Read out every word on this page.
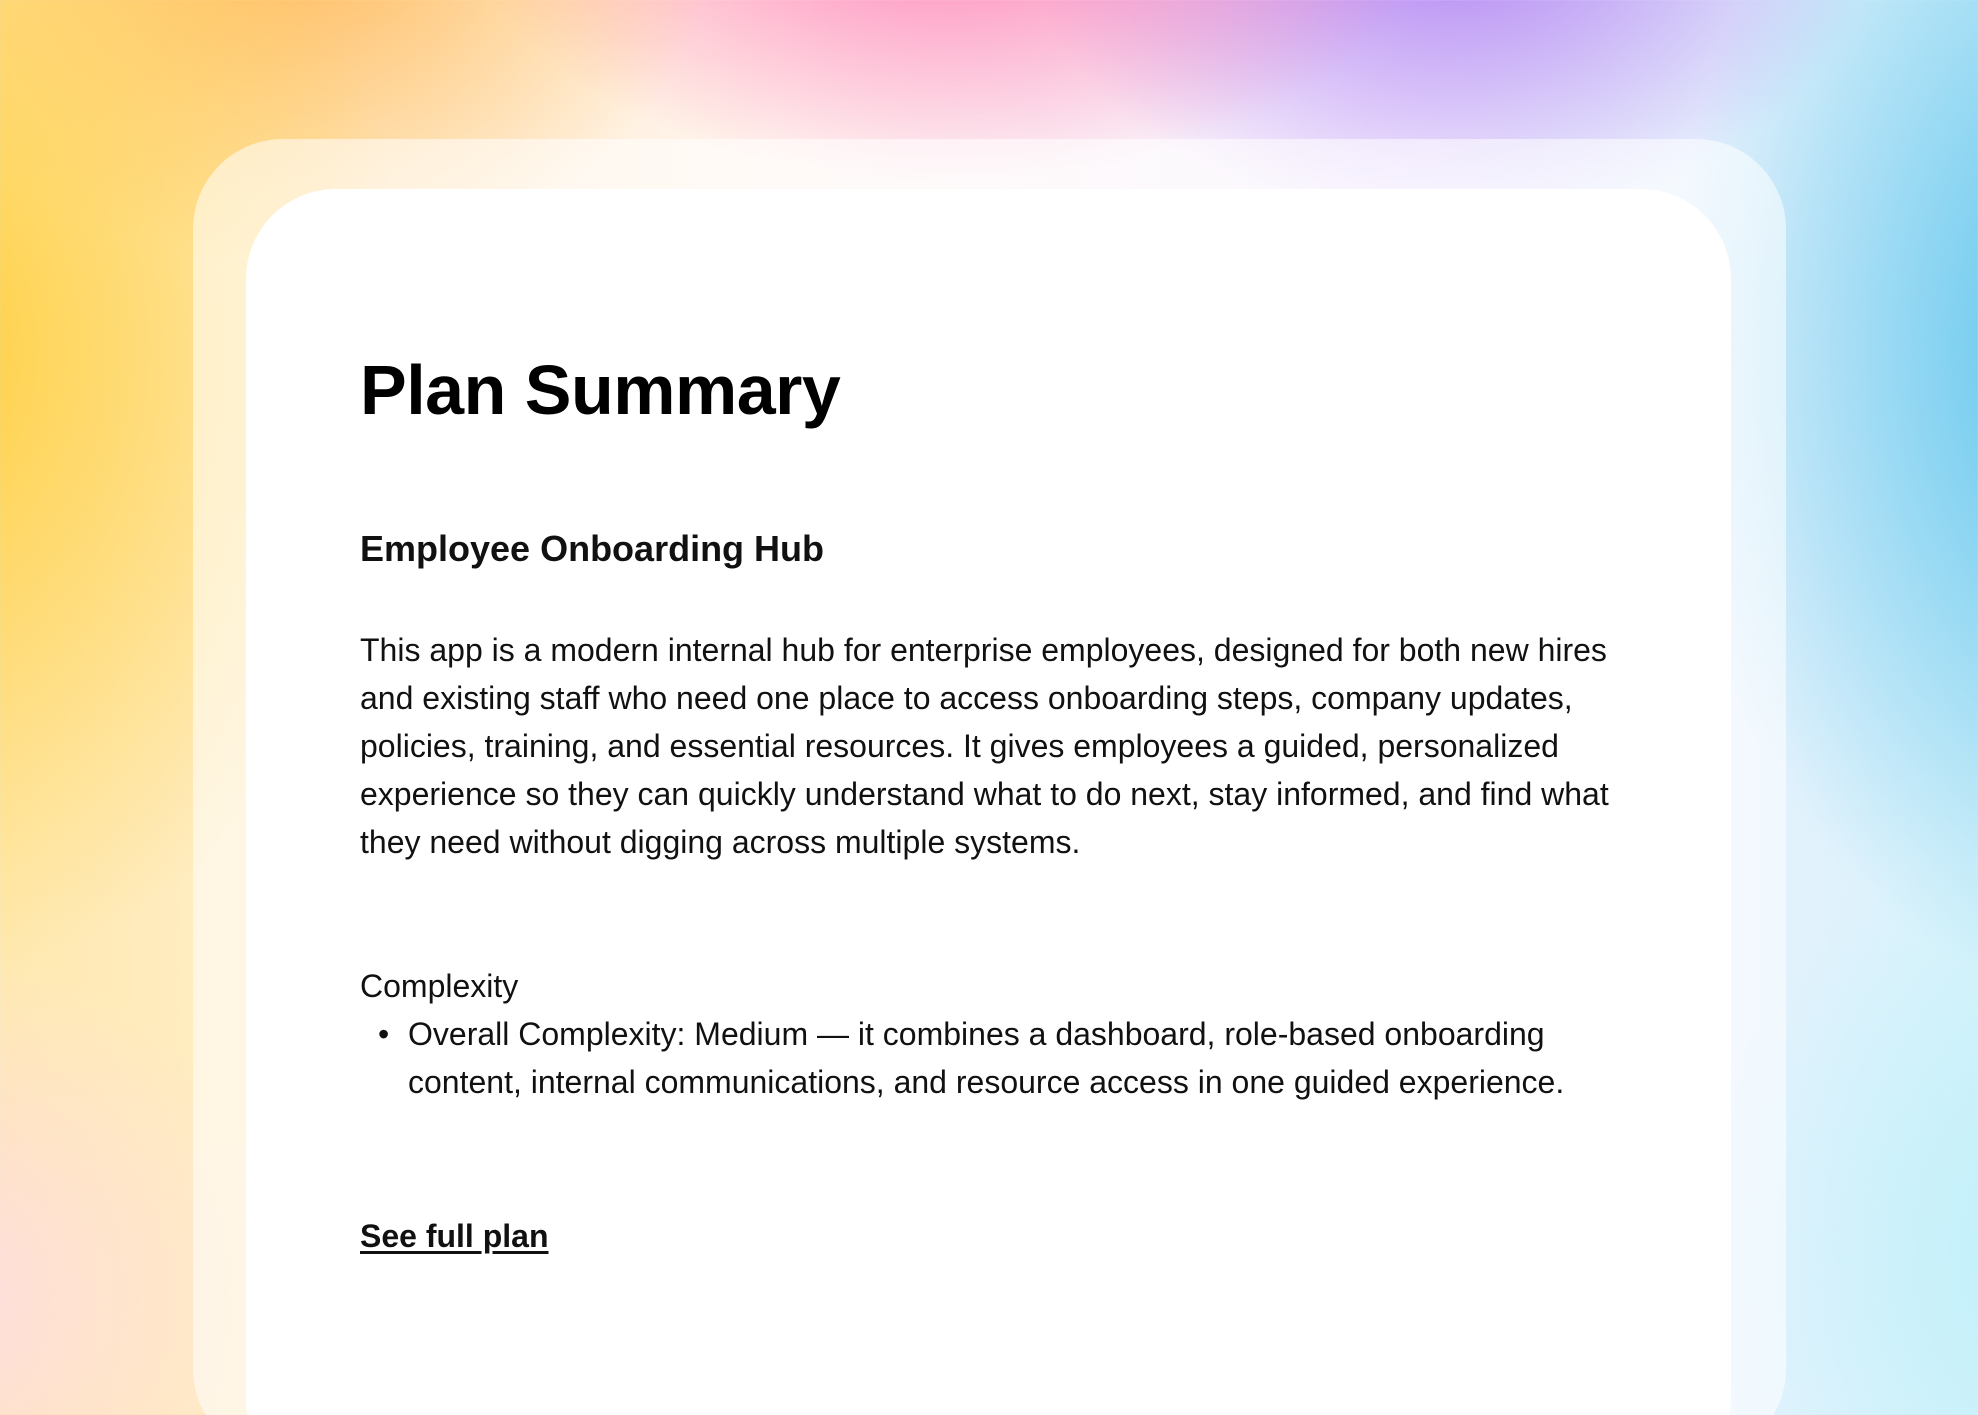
Plan Summary
Employee Onboarding Hub

This app is a modern internal hub for enterprise employees, designed for both new hires and existing staff who need one place to access onboarding steps, company updates, policies, training, and essential resources. It gives employees a guided, personalized experience so they can quickly understand what to do next, stay informed, and find what they need without digging across multiple systems.

Complexity

• Overall Complexity: Medium — it combines a dashboard, role-based onboarding content, internal communications, and resource access in one guided experience.
See full plan
